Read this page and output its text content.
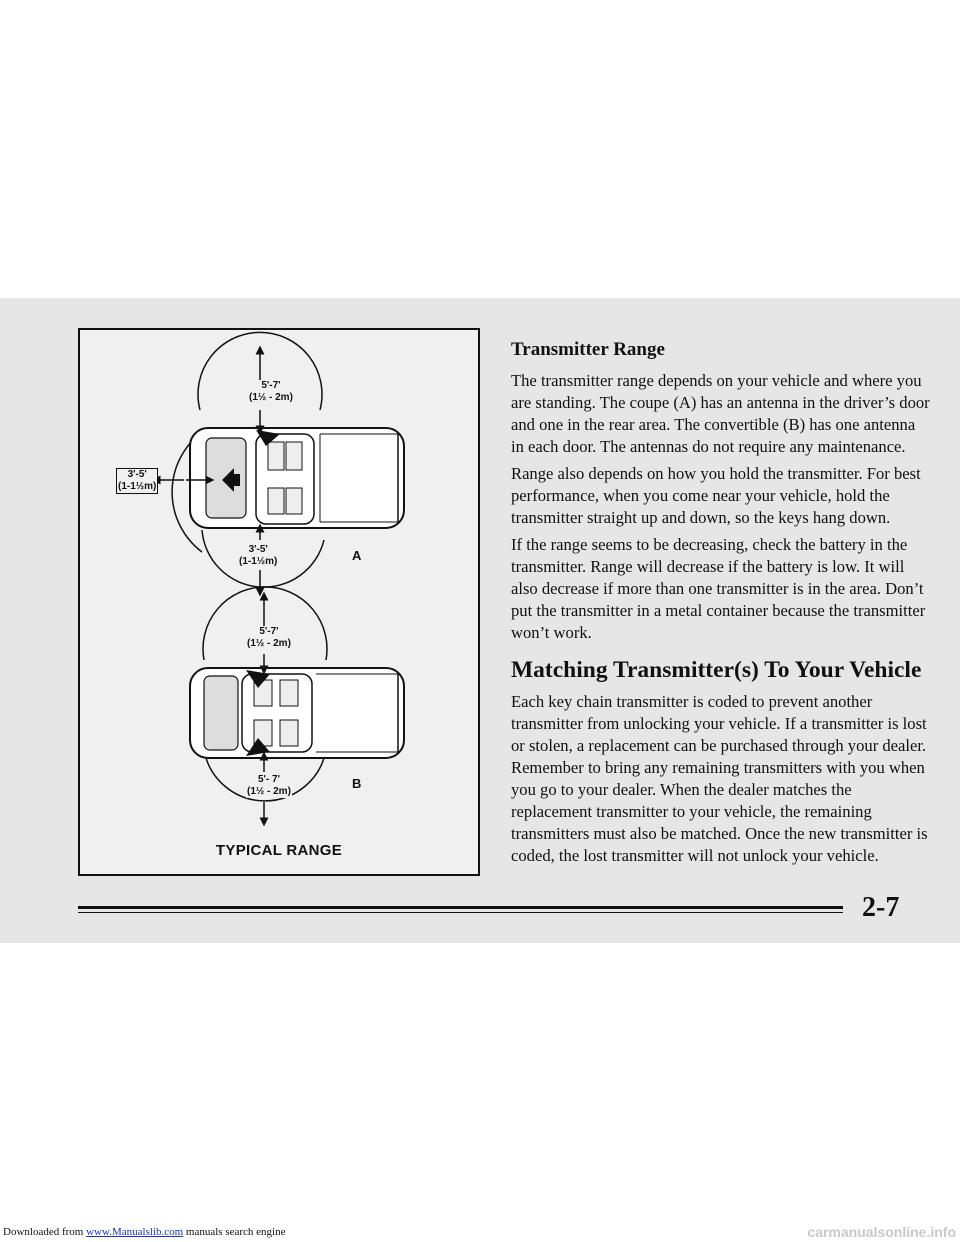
5'-7'
(1½ - 2m)
3'-5'
(1-1½m)
3'-5'
(1-1½m)	A
5'-7'
(1½ - 2m)
5'- 7'
(1½ - 2m)
B
TYPICAL RANGE
Transmitter Range

The transmitter range depends on your vehicle and where you are standing. The coupe (A) has an antenna in the driver’s door and one in the rear area. The convertible (B) has one antenna in each door. The antennas do not require any maintenance.

Range also depends on how you hold the transmitter. For best performance, when you come near your vehicle, hold the transmitter straight up and down, so the keys hang down.

If the range seems to be decreasing, check the battery in the transmitter. Range will decrease if the battery is low. It will also decrease if more than one transmitter is in the area. Don’t put the transmitter in a metal container because the transmitter won’t work.

Matching Transmitter(s) To Your Vehicle

Each key chain transmitter is coded to prevent another transmitter from unlocking your vehicle. If a transmitter is lost or stolen, a replacement can be purchased through your dealer. Remember to bring any remaining transmitters with you when you go to your dealer. When the dealer matches the replacement transmitter to your vehicle, the remaining transmitters must also be matched. Once the new transmitter is coded, the lost transmitter will not unlock your vehicle.

2-7
Downloaded from www.Manualslib.com manuals search engine	carmanualsonline.info
